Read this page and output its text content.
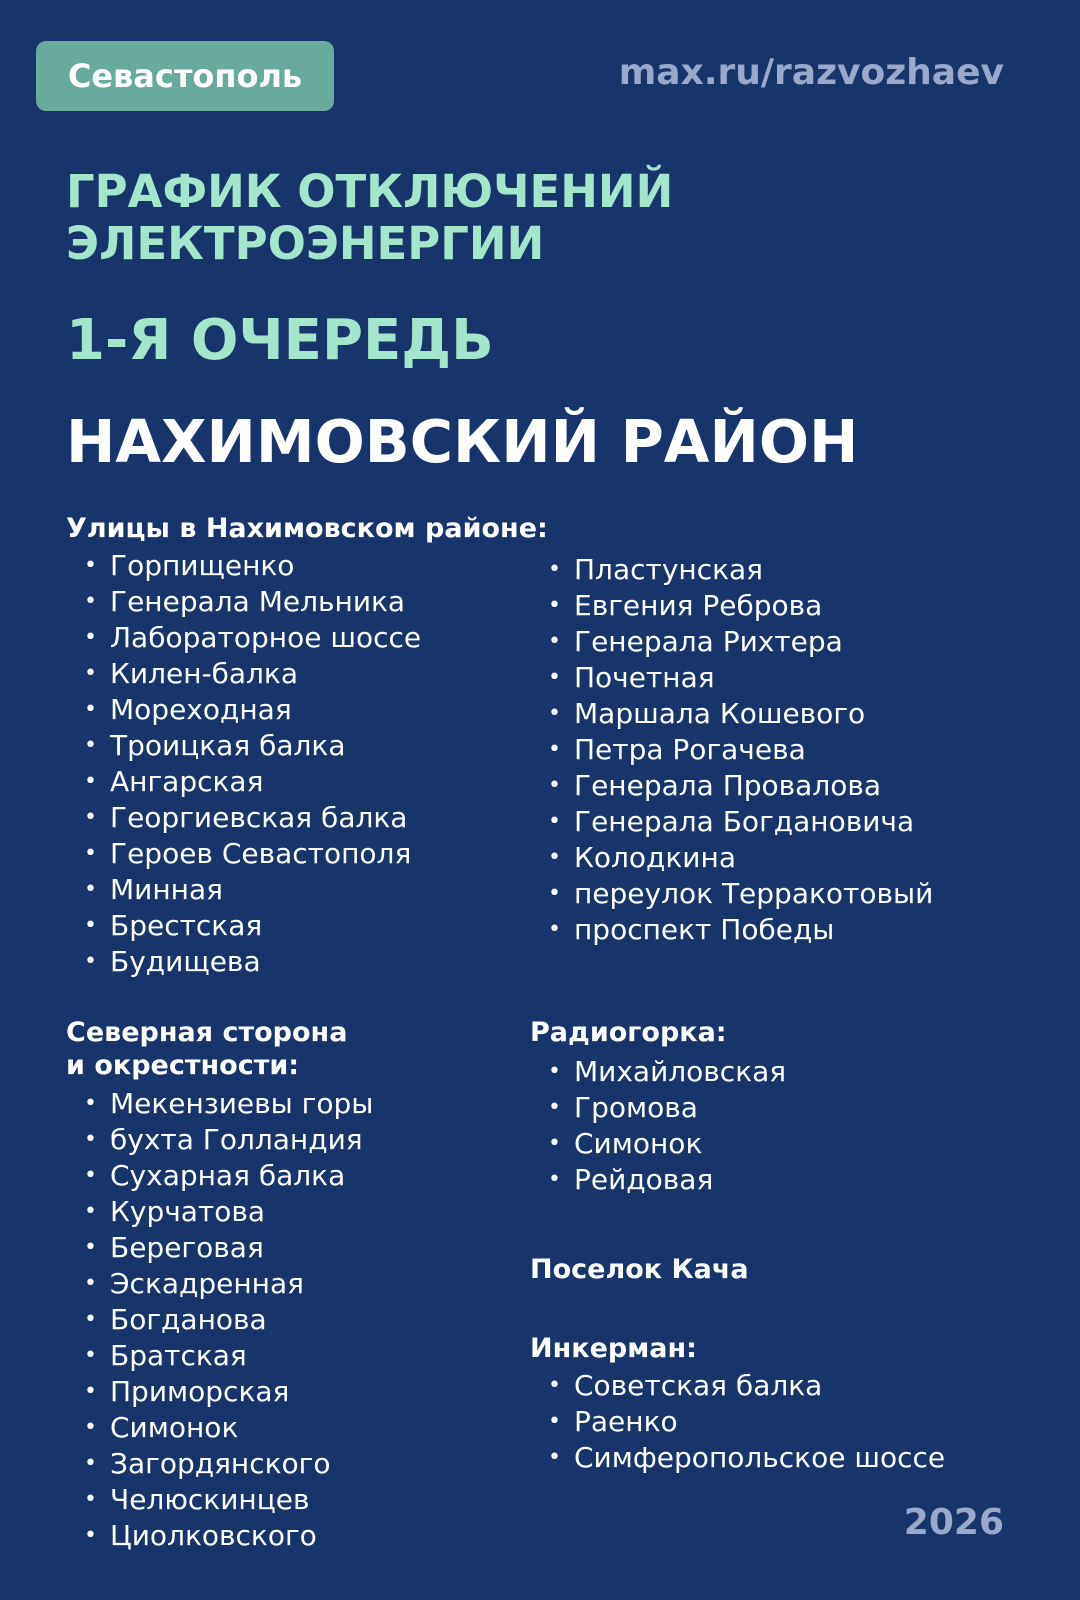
Севастополь	max.ru/razvozhaev
ГРАФИК ОТКЛЮЧЕНИЙ
ЭЛЕКТРОЭНЕРГИИ
1-Я ОЧЕРЕДЬ
НАХИМОВСКИЙ РАЙОН
Улицы в Нахимовском районе:
• Горпищенко
• Генерала Мельника
• Лабораторное шоссе
• Килен-балка
• Мореходная
• Троицкая балка
• Ангарская
• Георгиевская балка
• Героев Севастополя
• Минная
• Брестская
• Будищева
• Пластунская
• Евгения Реброва
• Генерала Рихтера
• Почетная
• Маршала Кошевого
• Петра Рогачева
• Генерала Провалова
• Генерала Богдановича
• Колодкина
• переулок Терракотовый
• проспект Победы
Северная сторона
и окрестности:
• Мекензиевы горы
• бухта Голландия
• Сухарная балка
• Курчатова
• Береговая
• Эскадренная
• Богданова
• Братская
• Приморская
• Симонок
• Загордянского
• Челюскинцев
• Циолковского
Радиогорка:
• Михайловская
• Громова
• Симонок
• Рейдовая
Поселок Кача
Инкерман:
• Советская балка
• Раенко
• Симферопольское шоссе
2026
